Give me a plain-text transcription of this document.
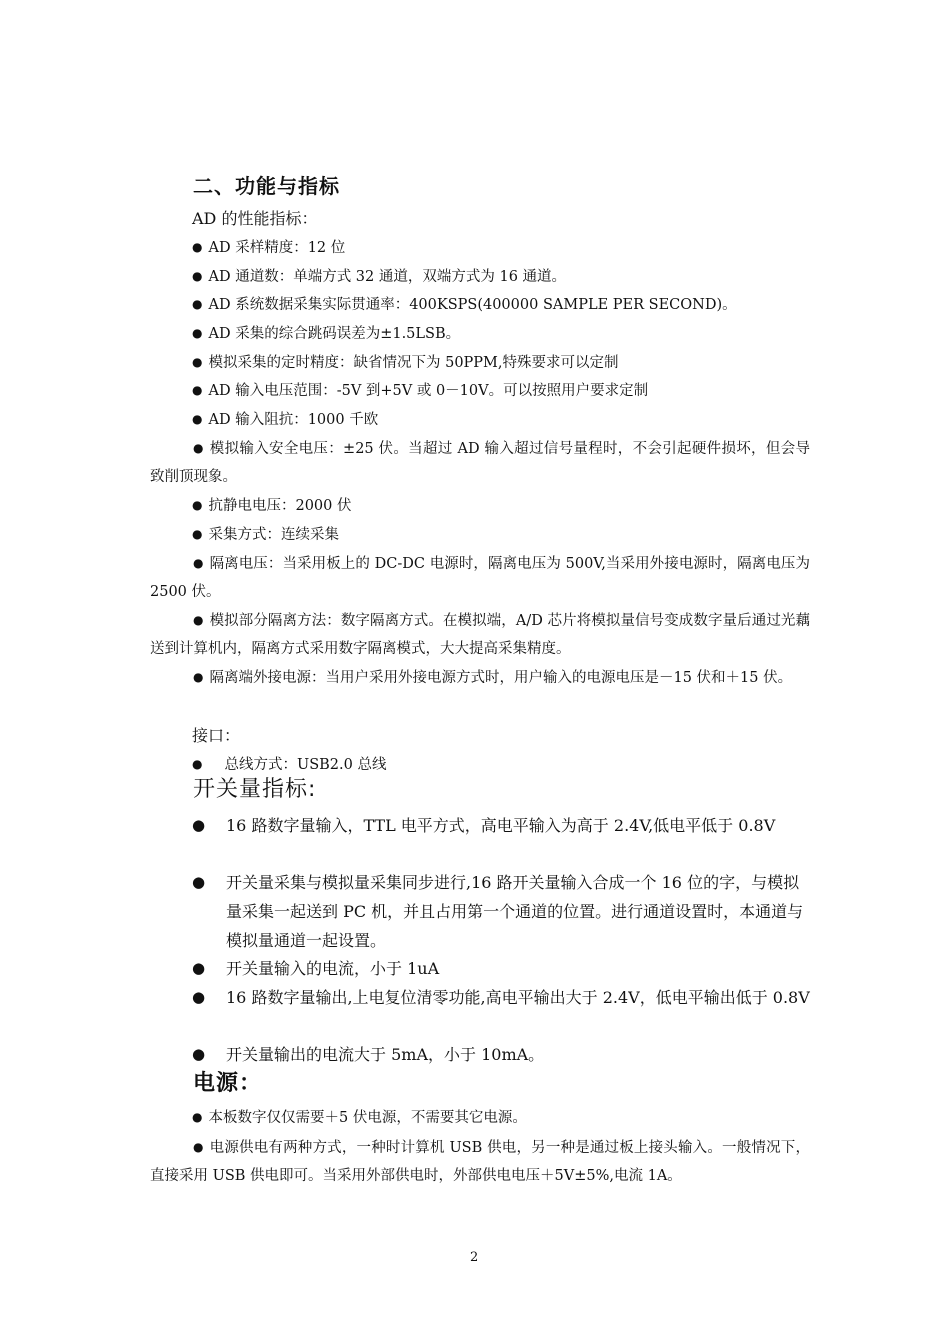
二、功能与指标
AD 的性能指标：
● AD 采样精度：12 位
● AD 通道数：单端方式 32 通道，双端方式为 16 通道。
● AD 系统数据采集实际贯通率：400KSPS(400000 SAMPLE PER SECOND)。
● AD 采集的综合跳码误差为±1.5LSB。
● 模拟采集的定时精度：缺省情况下为 50PPM,特殊要求可以定制
● AD 输入电压范围：-5V 到+5V 或 0－10V。可以按照用户要求定制
● AD 输入阻抗：1000 千欧
● 模拟输入安全电压：±25 伏。当超过 AD 输入超过信号量程时，不会引起硬件损坏，但会导致削顶现象。
● 抗静电电压：2000 伏
● 采集方式：连续采集
● 隔离电压：当采用板上的 DC-DC 电源时，隔离电压为 500V,当采用外接电源时，隔离电压为 2500 伏。
● 模拟部分隔离方法：数字隔离方式。在模拟端，A/D 芯片将模拟量信号变成数字量后通过光藕送到计算机内，隔离方式采用数字隔离模式，大大提高采集精度。
● 隔离端外接电源：当用户采用外接电源方式时，用户输入的电源电压是－15 伏和＋15 伏。
接口：
● 总线方式：USB2.0 总线
开关量指标:
● 16 路数字量输入，TTL 电平方式，高电平输入为高于 2.4V,低电平低于 0.8V
● 开关量采集与模拟量采集同步进行,16 路开关量输入合成一个 16 位的字，与模拟量采集一起送到 PC 机，并且占用第一个通道的位置。进行通道设置时，本通道与模拟量通道一起设置。
● 开关量输入的电流，小于 1uA
● 16 路数字量输出,上电复位清零功能,高电平输出大于 2.4V，低电平输出低于 0.8V
● 开关量输出的电流大于 5mA，小于 10mA。
电源：
● 本板数字仅仅需要＋5 伏电源，不需要其它电源。
● 电源供电有两种方式，一种时计算机 USB 供电，另一种是通过板上接头输入。一般情况下，直接采用 USB 供电即可。当采用外部供电时，外部供电电压＋5V±5%,电流 1A。
2
